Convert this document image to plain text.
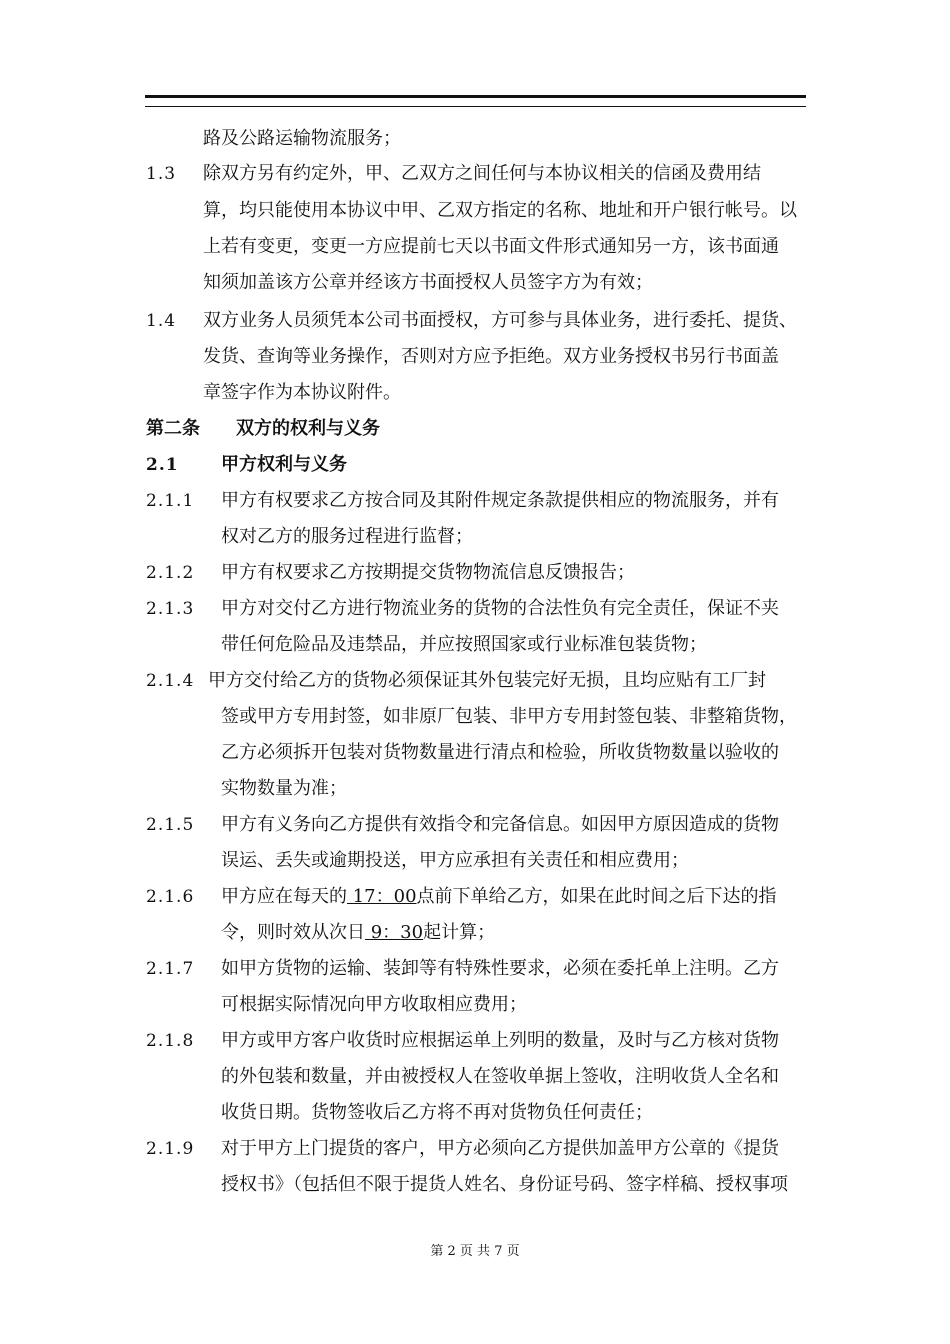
路及公路运输物流服务；
1.3 除双方另有约定外，甲、乙双方之间任何与本协议相关的信函及费用结
算，均只能使用本协议中甲、乙双方指定的名称、地址和开户银行帐号。以
上若有变更，变更一方应提前七天以书面文件形式通知另一方，该书面通
知须加盖该方公章并经该方书面授权人员签字方为有效；
1.4 双方业务人员须凭本公司书面授权，方可参与具体业务，进行委托、提货、
发货、查询等业务操作，否则对方应予拒绝。双方业务授权书另行书面盖
章签字作为本协议附件。
第二条 双方的权利与义务
2.1 甲方权利与义务
2.1.1 甲方有权要求乙方按合同及其附件规定条款提供相应的物流服务，并有
权对乙方的服务过程进行监督；
2.1.2 甲方有权要求乙方按期提交货物物流信息反馈报告；
2.1.3 甲方对交付乙方进行物流业务的货物的合法性负有完全责任，保证不夹
带任何危险品及违禁品，并应按照国家或行业标准包装货物；
2.1.4 甲方交付给乙方的货物必须保证其外包装完好无损，且均应贴有工厂封
签或甲方专用封签，如非原厂包装、非甲方专用封签包装、非整箱货物，
乙方必须拆开包装对货物数量进行清点和检验，所收货物数量以验收的
实物数量为准；
2.1.5 甲方有义务向乙方提供有效指令和完备信息。如因甲方原因造成的货物
误运、丢失或逾期投送，甲方应承担有关责任和相应费用；
2.1.6 甲方应在每天的 17：00点前下单给乙方，如果在此时间之后下达的指
令，则时效从次日 9：30起计算；
2.1.7 如甲方货物的运输、装卸等有特殊性要求，必须在委托单上注明。乙方
可根据实际情况向甲方收取相应费用；
2.1.8 甲方或甲方客户收货时应根据运单上列明的数量，及时与乙方核对货物
的外包装和数量，并由被授权人在签收单据上签收，注明收货人全名和
收货日期。货物签收后乙方将不再对货物负任何责任；
2.1.9 对于甲方上门提货的客户，甲方必须向乙方提供加盖甲方公章的《提货
授权书》（包括但不限于提货人姓名、身份证号码、签字样稿、授权事项
第 2 页 共 7 页
